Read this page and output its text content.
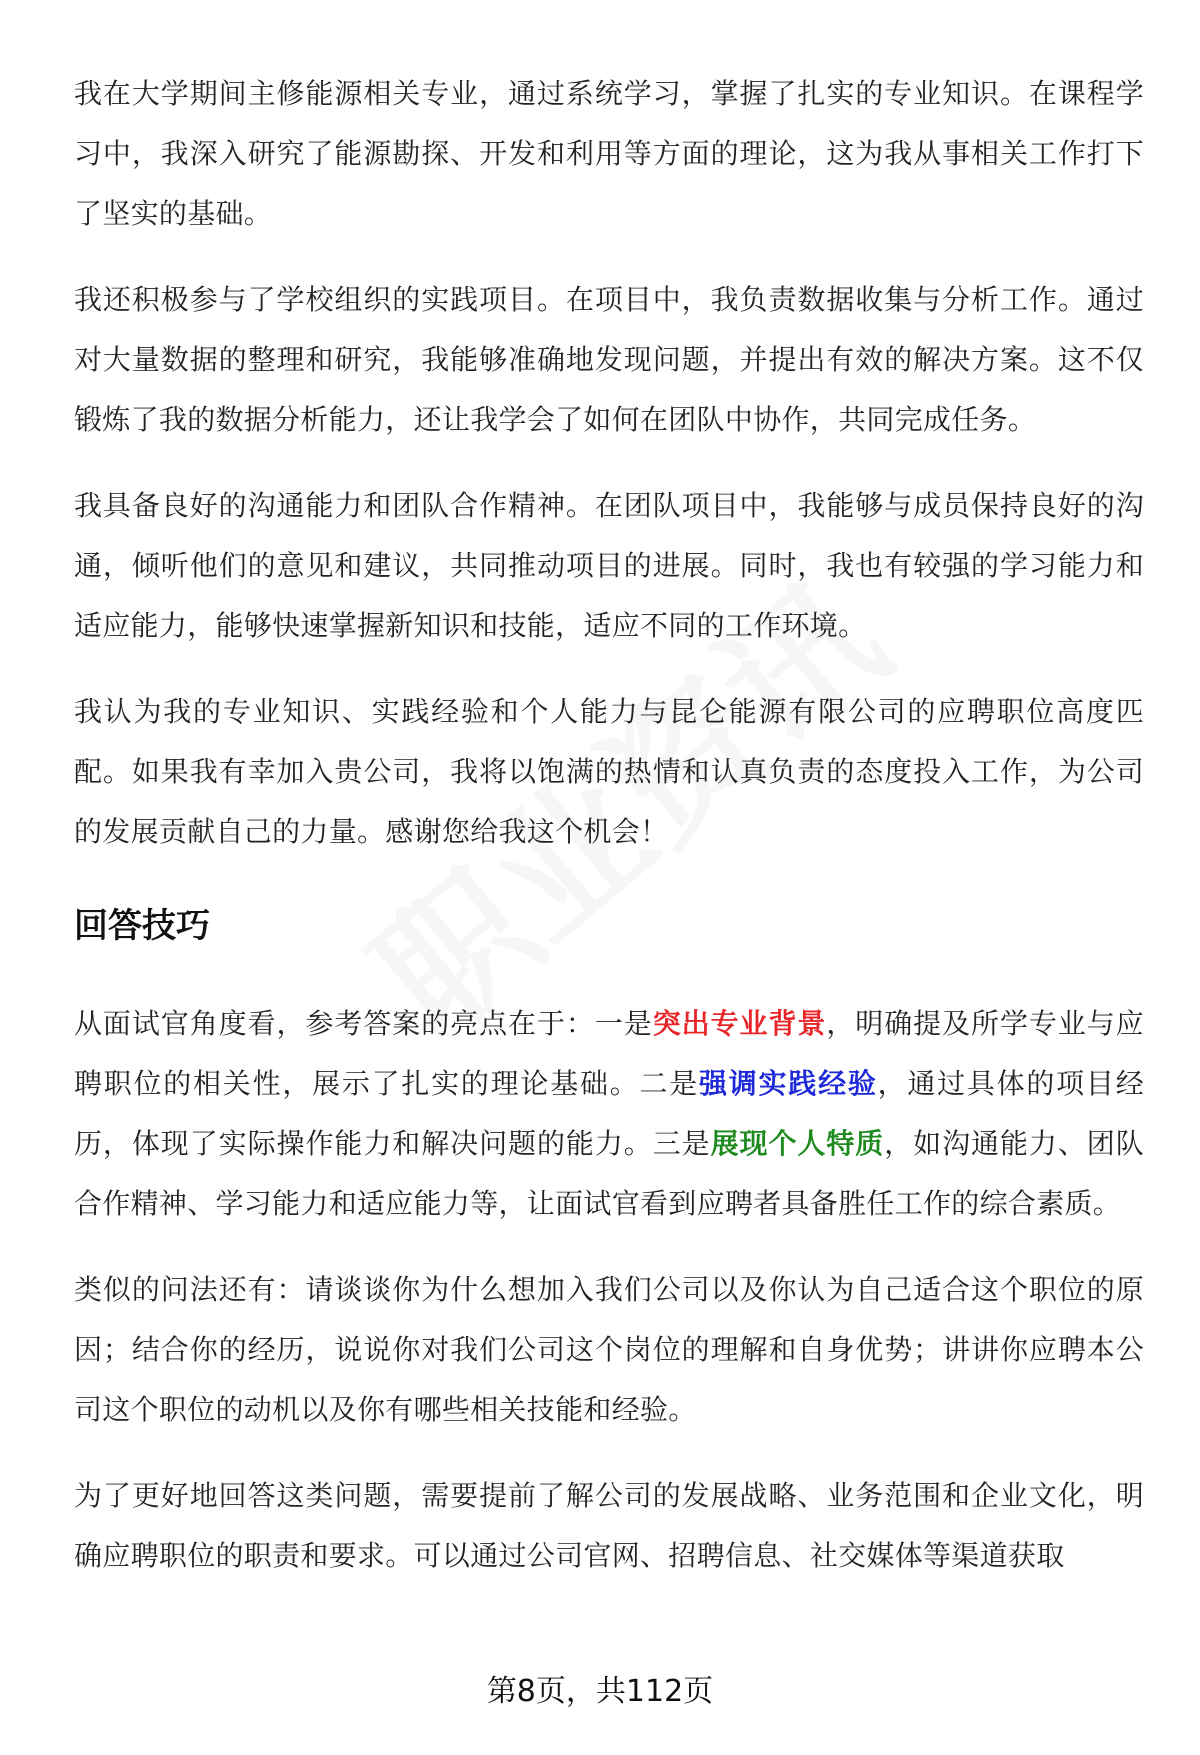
我在大学期间主修能源相关专业，通过系统学习，掌握了扎实的专业知识。在课程学习中，我深入研究了能源勘探、开发和利用等方面的理论，这为我从事相关工作打下了坚实的基础。

我还积极参与了学校组织的实践项目。在项目中，我负责数据收集与分析工作。通过对大量数据的整理和研究，我能够准确地发现问题，并提出有效的解决方案。这不仅锻炼了我的数据分析能力，还让我学会了如何在团队中协作，共同完成任务。

我具备良好的沟通能力和团队合作精神。在团队项目中，我能够与成员保持良好的沟通，倾听他们的意见和建议，共同推动项目的进展。同时，我也有较强的学习能力和适应能力，能够快速掌握新知识和技能，适应不同的工作环境。

我认为我的专业知识、实践经验和个人能力与昆仑能源有限公司的应聘职位高度匹配。如果我有幸加入贵公司，我将以饱满的热情和认真负责的态度投入工作，为公司的发展贡献自己的力量。感谢您给我这个机会！

回答技巧

从面试官角度看，参考答案的亮点在于：一是突出专业背景，明确提及所学专业与应聘职位的相关性，展示了扎实的理论基础。二是强调实践经验，通过具体的项目经历，体现了实际操作能力和解决问题的能力。三是展现个人特质，如沟通能力、团队合作精神、学习能力和适应能力等，让面试官看到应聘者具备胜任工作的综合素质。

类似的问法还有：请谈谈你为什么想加入我们公司以及你认为自己适合这个职位的原因；结合你的经历，说说你对我们公司这个岗位的理解和自身优势；讲讲你应聘本公司这个职位的动机以及你有哪些相关技能和经验。

为了更好地回答这类问题，需要提前了解公司的发展战略、业务范围和企业文化，明确应聘职位的职责和要求。可以通过公司官网、招聘信息、社交媒体等渠道获取

第8页，共112页
